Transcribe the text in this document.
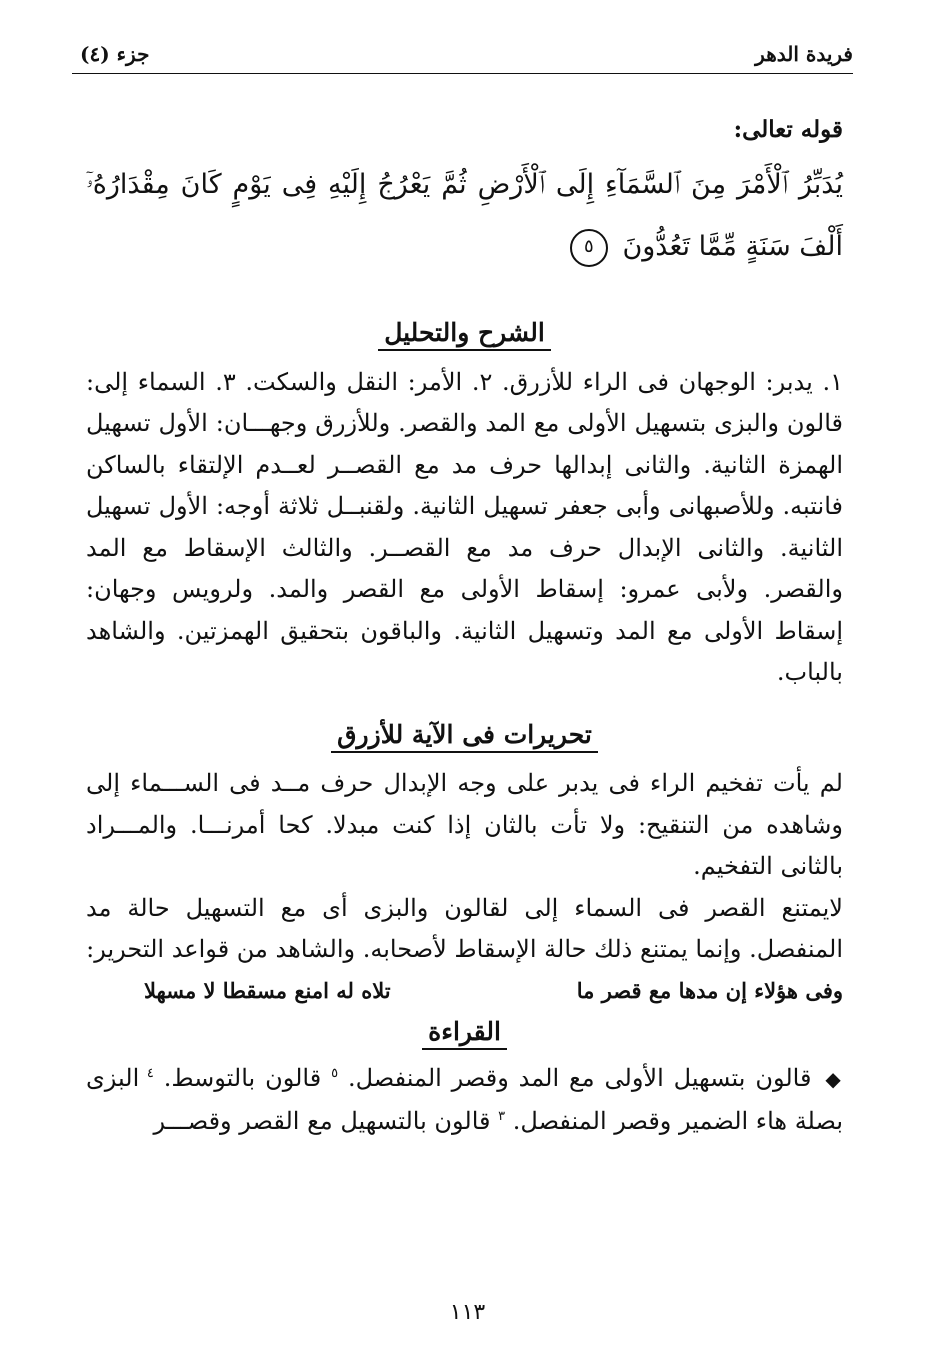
فريدة الدهر
جزء (٤)

قوله تعالى:

يُدَبِّرُ ٱلْأَمْرَ مِنَ ٱلسَّمَآءِ إِلَى ٱلْأَرْضِ ثُمَّ يَعْرُجُ إِلَيْهِ فِى يَوْمٍ كَانَ مِقْدَارُهُۥٓ أَلْفَ سَنَةٍ مِّمَّا تَعُدُّونَ ٥

الشرح والتحليل

١. يدبر: الوجهان فى الراء للأزرق. ٢. الأمر: النقل والسكت. ٣. السماء إلى: قالون والبزى بتسهيل الأولى مع المد والقصر. وللأزرق وجهـــان: الأول تسهيل الهمزة الثانية. والثانى إبدالها حرف مد مع القصــر لعــدم الإلتقاء بالساكن فانتبه. وللأصبهانى وأبى جعفر تسهيل الثانية. ولقنبــل ثلاثة أوجه: الأول تسهيل الثانية. والثانى الإبدال حرف مد مع القصــر. والثالث الإسقاط مع المد والقصر. ولأبى عمرو: إسقاط الأولى مع القصر والمد. ولرويس وجهان: إسقاط الأولى مع المد وتسهيل الثانية. والباقون بتحقيق الهمزتين. والشاهد بالباب.

تحريرات فى الآية للأزرق

لم يأت تفخيم الراء فى يدبر على وجه الإبدال حرف مــد فى الســـماء إلى وشاهده من التنقيح: ولا تأت بالثان إذا كنت مبدلا. كحا أمرنـــا. والمـــراد بالثانى التفخيم.

لايمتنع القصر فى السماء إلى لقالون والبزى أى مع التسهيل حالة مد المنفصل. وإنما يمتنع ذلك حالة الإسقاط لأصحابه. والشاهد من قواعد التحرير:

وفى هؤلاء إن مدها مع قصر ما
تلاه له امنع مسقطا لا مسهلا

القراءة

◆ قالون بتسهيل الأولى مع المد وقصر المنفصل. $^٥$ قالون بالتوسط. $^٤$ البزى بصلة هاء الضمير وقصر المنفصل. $^٣$ قالون بالتسهيل مع القصر وقصـــر

١١٣
